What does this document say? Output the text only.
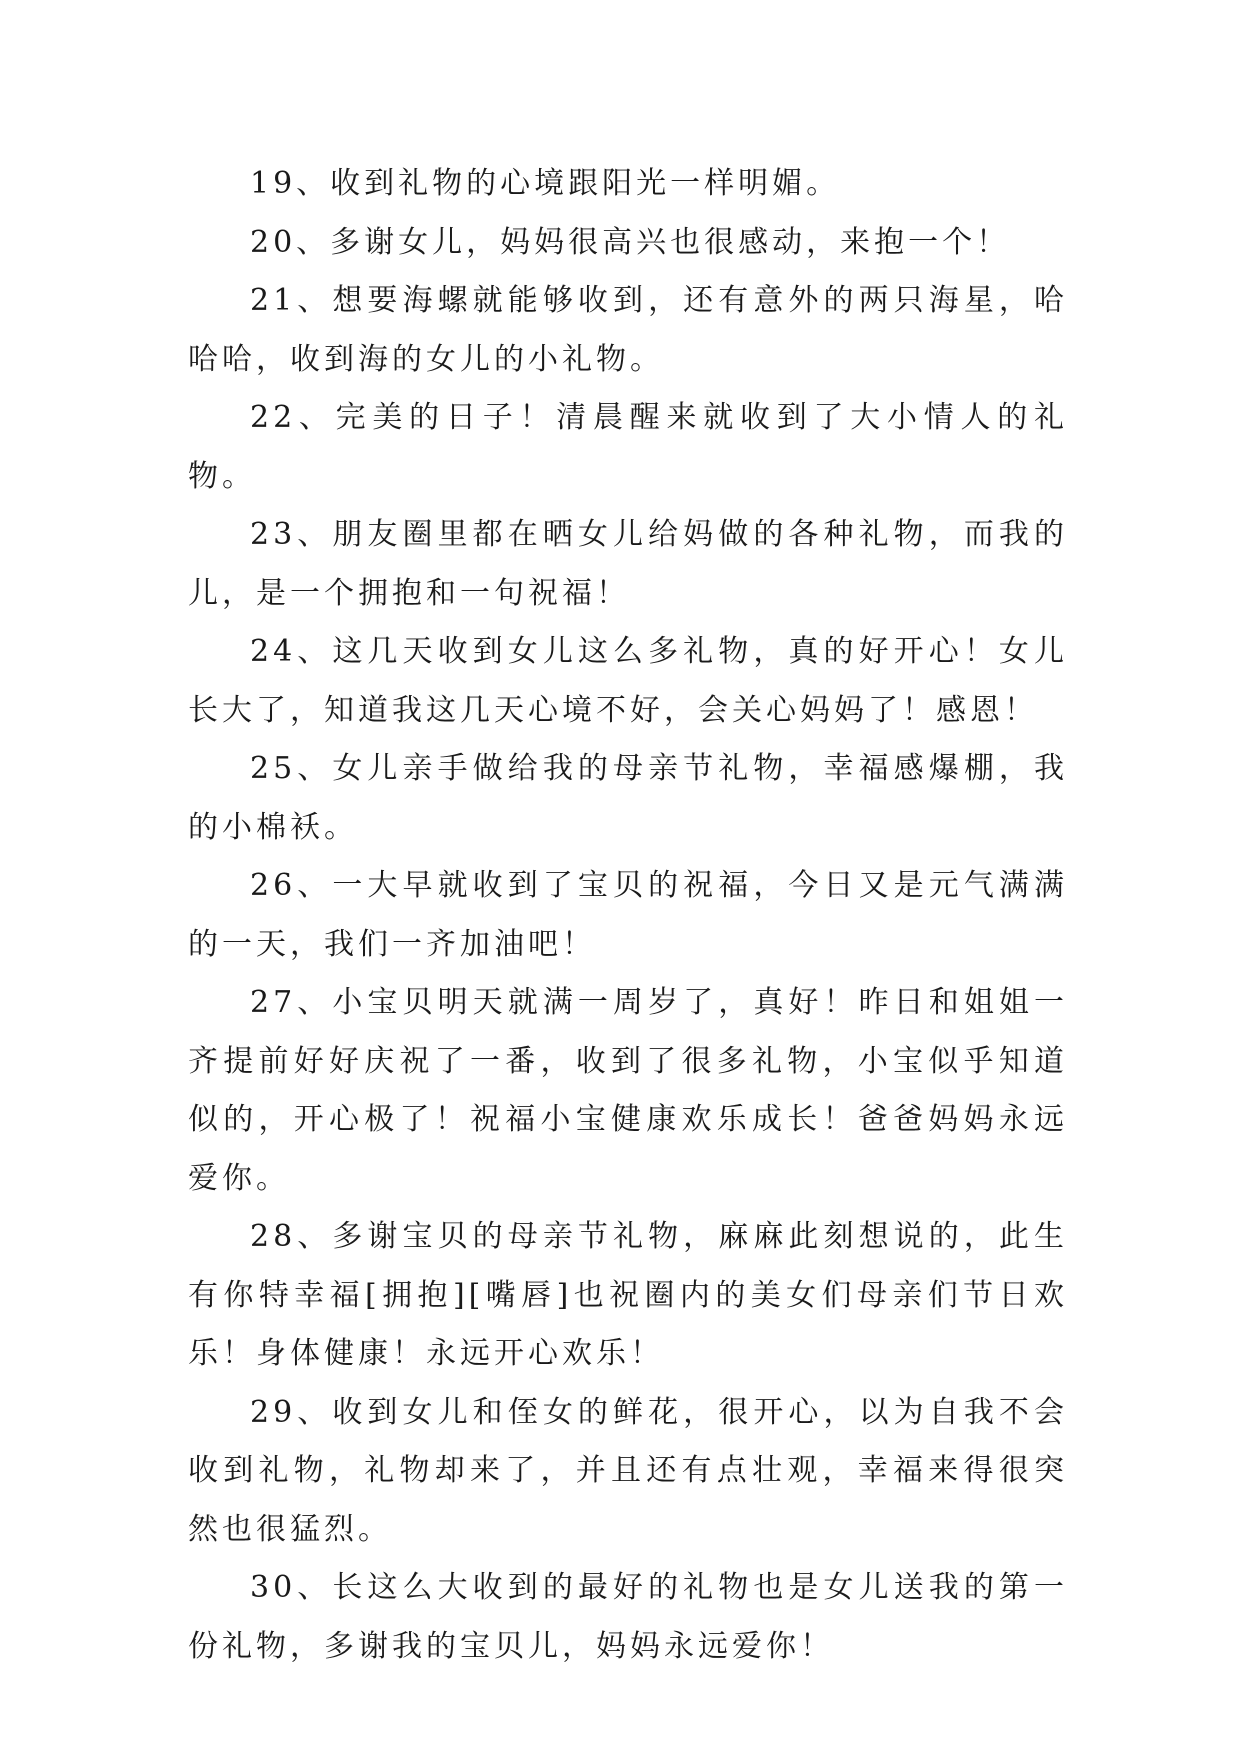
19、收到礼物的心境跟阳光一样明媚。

20、多谢女儿，妈妈很高兴也很感动，来抱一个！

21、想要海螺就能够收到，还有意外的两只海星，哈哈哈，收到海的女儿的小礼物。

22、完美的日子！清晨醒来就收到了大小情人的礼物。

23、朋友圈里都在晒女儿给妈做的各种礼物，而我的儿，是一个拥抱和一句祝福！

24、这几天收到女儿这么多礼物，真的好开心！女儿长大了，知道我这几天心境不好，会关心妈妈了！感恩！

25、女儿亲手做给我的母亲节礼物，幸福感爆棚，我的小棉袄。

26、一大早就收到了宝贝的祝福，今日又是元气满满的一天，我们一齐加油吧！

27、小宝贝明天就满一周岁了，真好！昨日和姐姐一齐提前好好庆祝了一番，收到了很多礼物，小宝似乎知道似的，开心极了！祝福小宝健康欢乐成长！爸爸妈妈永远爱你。

28、多谢宝贝的母亲节礼物，麻麻此刻想说的，此生有你特幸福[拥抱][嘴唇]也祝圈内的美女们母亲们节日欢乐！身体健康！永远开心欢乐！

29、收到女儿和侄女的鲜花，很开心，以为自我不会收到礼物，礼物却来了，并且还有点壮观，幸福来得很突然也很猛烈。

30、长这么大收到的最好的礼物也是女儿送我的第一份礼物，多谢我的宝贝儿，妈妈永远爱你！
